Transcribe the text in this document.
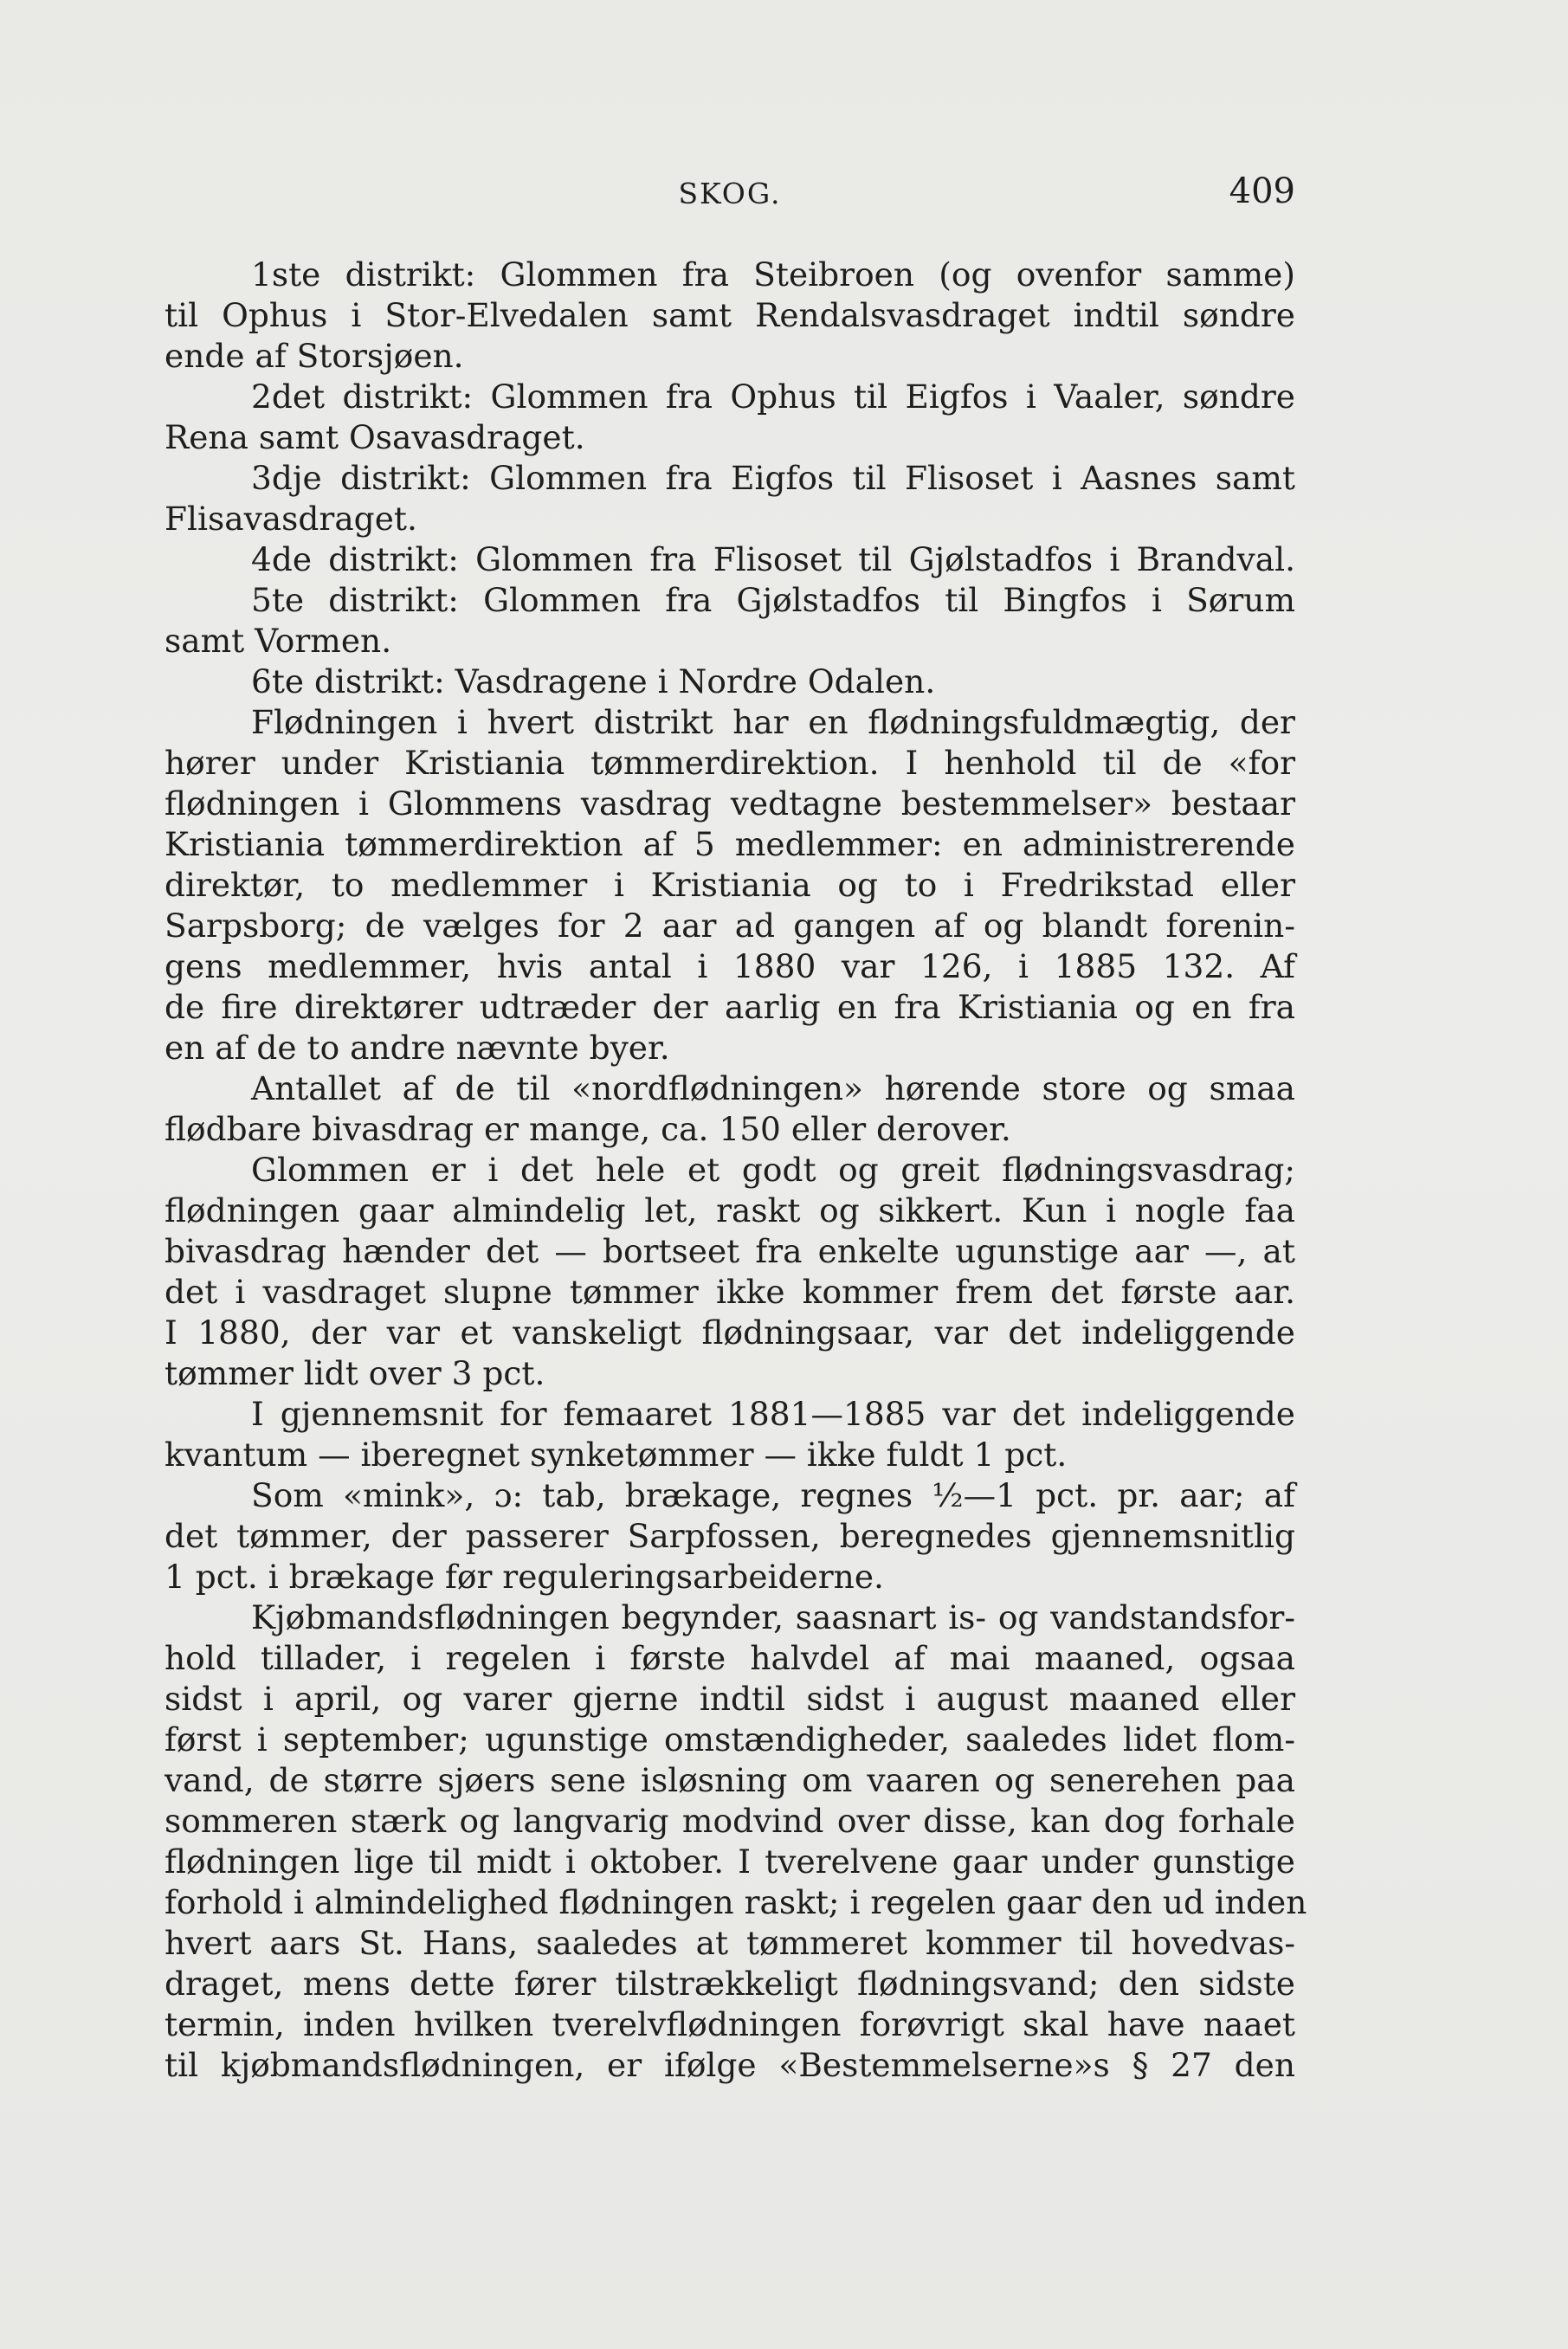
SKOG.	409
1ste distrikt: Glommen fra Steibroen (og ovenfor samme)
til Ophus i Stor-Elvedalen samt Rendalsvasdraget indtil søndre
ende af Storsjøen.
2det distrikt: Glommen fra Ophus til Eigfos i Vaaler, søndre
Rena samt Osavasdraget.
3dje distrikt: Glommen fra Eigfos til Flisoset i Aasnes samt
Flisavasdraget.
4de distrikt: Glommen fra Flisoset til Gjølstadfos i Brandval.
5te distrikt: Glommen fra Gjølstadfos til Bingfos i Sørum
samt Vormen.
6te distrikt: Vasdragene i Nordre Odalen.
Flødningen i hvert distrikt har en flødningsfuldmægtig, der
hører under Kristiania tømmerdirektion. I henhold til de «for
flødningen i Glommens vasdrag vedtagne bestemmelser» bestaar
Kristiania tømmerdirektion af 5 medlemmer: en administrerende
direktør, to medlemmer i Kristiania og to i Fredrikstad eller
Sarpsborg; de vælges for 2 aar ad gangen af og blandt forenin-
gens medlemmer, hvis antal i 1880 var 126, i 1885 132. Af
de fire direktører udtræder der aarlig en fra Kristiania og en fra
en af de to andre nævnte byer.
Antallet af de til «nordflødningen» hørende store og smaa
flødbare bivasdrag er mange, ca. 150 eller derover.
Glommen er i det hele et godt og greit flødningsvasdrag;
flødningen gaar almindelig let, raskt og sikkert. Kun i nogle faa
bivasdrag hænder det — bortseet fra enkelte ugunstige aar —, at
det i vasdraget slupne tømmer ikke kommer frem det første aar.
I 1880, der var et vanskeligt flødningsaar, var det indeliggende
tømmer lidt over 3 pct.
I gjennemsnit for femaaret 1881—1885 var det indeliggende
kvantum — iberegnet synketømmer — ikke fuldt 1 pct.
Som «mink», ɔ: tab, brækage, regnes ½—1 pct. pr. aar; af
det tømmer, der passerer Sarpfossen, beregnedes gjennemsnitlig
1 pct. i brækage før reguleringsarbeiderne.
Kjøbmandsflødningen begynder, saasnart is- og vandstandsfor-
hold tillader, i regelen i første halvdel af mai maaned, ogsaa
sidst i april, og varer gjerne indtil sidst i august maaned eller
først i september; ugunstige omstændigheder, saaledes lidet flom-
vand, de større sjøers sene isløsning om vaaren og senerehen paa
sommeren stærk og langvarig modvind over disse, kan dog forhale
flødningen lige til midt i oktober. I tverelvene gaar under gunstige
forhold i almindelighed flødningen raskt; i regelen gaar den ud inden
hvert aars St. Hans, saaledes at tømmeret kommer til hovedvas-
draget, mens dette fører tilstrækkeligt flødningsvand; den sidste
termin, inden hvilken tverelvflødningen forøvrigt skal have naaet
til kjøbmandsflødningen, er ifølge «Bestemmelserne»s § 27 den
